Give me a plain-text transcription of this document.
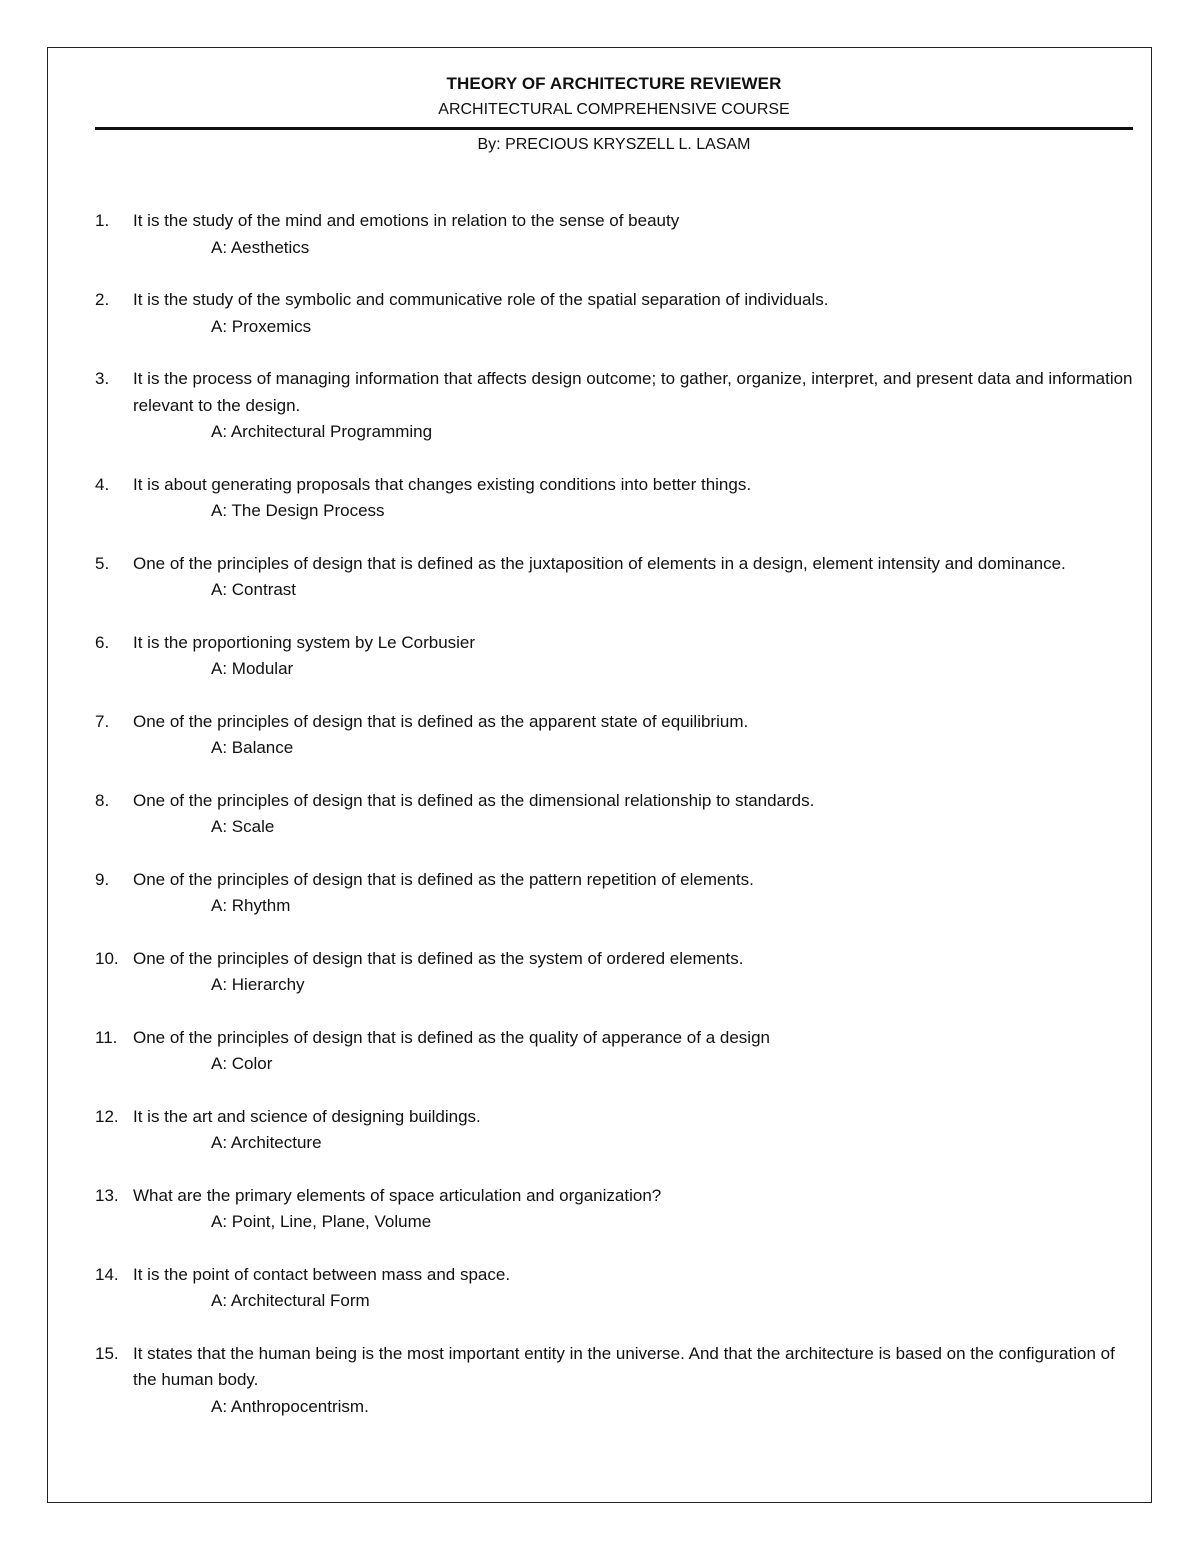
THEORY OF ARCHITECTURE REVIEWER
ARCHITECTURAL COMPREHENSIVE COURSE
By: PRECIOUS KRYSZELL L. LASAM
1.	It is the study of the mind and emotions in relation to the sense of beauty
A: Aesthetics
2.	It is the study of the symbolic and communicative role of the spatial separation of individuals.
A: Proxemics
3.	It is the process of managing information that affects design outcome; to gather, organize, interpret, and present data and information relevant to the design.
A: Architectural Programming
4.	It is about generating proposals that changes existing conditions into better things.
A: The Design Process
5.	One of the principles of design that is defined as the juxtaposition of elements in a design, element intensity and dominance.
A: Contrast
6.	It is the proportioning system by Le Corbusier
A: Modular
7.	One of the principles of design that is defined as the apparent state of equilibrium.
A: Balance
8.	One of the principles of design that is defined as the dimensional relationship to standards.
A: Scale
9.	One of the principles of design that is defined as the pattern repetition of elements.
A: Rhythm
10. One of the principles of design that is defined as the system of ordered elements.
A: Hierarchy
11. One of the principles of design that is defined as the quality of apperance of a design
A: Color
12. It is the art and science of designing buildings.
A: Architecture
13. What are the primary elements of space articulation and organization?
A: Point, Line, Plane, Volume
14. It is the point of contact between mass and space.
A: Architectural Form
15. It states that the human being is the most important entity in the universe. And that the architecture is based on the configuration of the human body.
A: Anthropocentrism.
